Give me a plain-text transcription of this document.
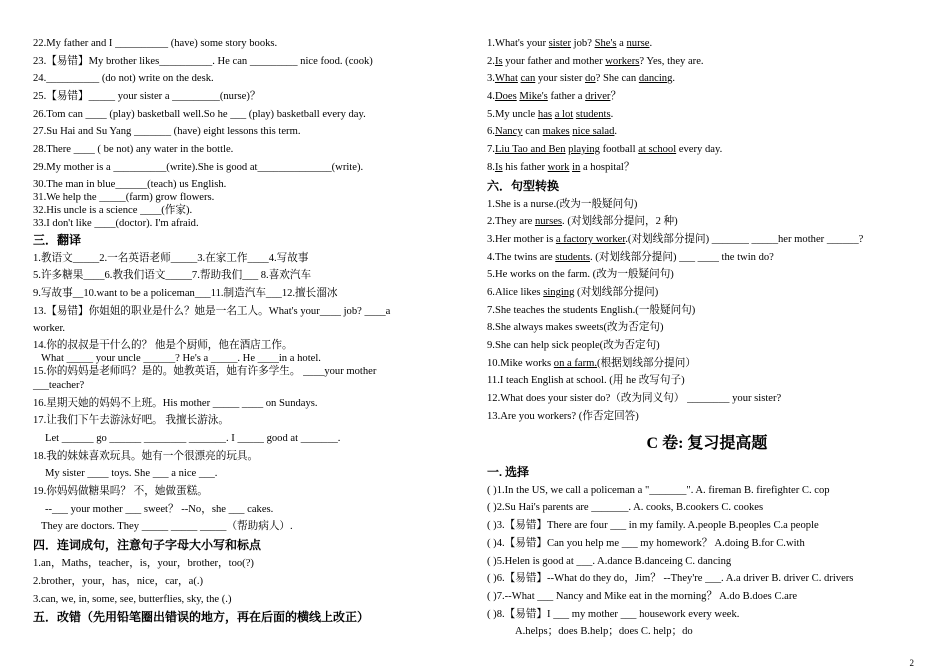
22.My father and I __________ (have) some story books.
23.【易错】My brother likes__________. He can _________ nice food. (cook)
24.__________ (do not) write on the desk.
25.【易错】_____ your sister a _________(nurse)？
26.Tom can ____ (play) basketball well.So he ___ (play) basketball every day.
27.Su Hai and Su Yang _______ (have) eight lessons this term.
28.There ____ ( be not) any water in the bottle.
29.My mother is a __________(write).She is good at______________(write).
30.The man in blue______(teach) us English.
31.We help the _____(farm) grow flowers.
32.His uncle is a science ____(作家).
33.I don't like ____(doctor). I'm afraid.
三．翻译
1.教语文_____2.一名英语老师_____3.在家工作____4.写故事
5.许多糖果____6.教我们语文_____7.帮助我们___ 8.喜欢汽车
9.写故事__10.want to be a policeman___11.制造汽车___12.擅长溜冰
13.【易错】你姐姐的职业是什么？她是一名工人。What's your____ job? ____a
worker.
14.你的叔叔是干什么的？ 他是个厨师，他在酒店工作。
What _____ your uncle ______? He's a _____. He ____in a hotel.
15.你的妈妈是老师吗？是的。她教英语，她有许多学生。 ____your mother
___teacher?
16.星期天她的妈妈不上班。His mother _____ ____ on Sundays.
17.让我们下午去游泳好吧。 我擅长游泳。
Let ______ go ______ ________ _______. I _____ good at _______.
18.我的妹妹喜欢玩具。她有一个很漂亮的玩具。
My sister ____ toys. She ___ a nice ___.
19.你妈妈做糖果吗？ 不，她做蛋糕。
--___ your mother ___ sweet？ --No，she ___ cakes.
They are doctors. They _____ _____ _____（帮助病人）.
四．连词成句，注意句子字母大小写和标点
1.an，Maths，teacher，is，your，brother，too(?)
2.brother，your，has，nice，car，a(.)
3.can, we, in, some, see, butterflies, sky, the (.)
五．改错（先用铅笔圈出错误的地方，再在后面的横线上改正）
1.What's your sister job? She's a nurse.
2.Is your father and mother workers? Yes, they are.
3.What can your sister do? She can dancing.
4.Does Mike's father a driver？
5.My uncle has a lot students.
6.Nancy can makes nice salad.
7.Liu Tao and Ben playing football at school every day.
8.Is his father work in a hospital？
六．句型转换
1.She is a nurse.(改为一般疑问句)
2.They are nurses. (对划线部分提问，2 种)
3.Her mother is a factory worker.(对划线部分提问) _______ _____her mother ______?
4.The twins are students. (对划线部分提问) ___ ____ the twin do?
5.He works on the farm. (改为一般疑问句)
6.Alice likes singing (对划线部分提问)
7.She teaches the students English.(一般疑问句)
8.She always makes sweets(改为否定句)
9.She can help sick people(改为否定句)
10.Mike works on a farm.(根据划线部分提问）
11.I teach English at school. (用 he 改写句子)
12.What does your sister do?（改为同义句） ________ your sister?
13.Are you workers? (作否定回答)
C 卷: 复习提高题
一. 选择
( )1.In the US, we call a policeman a "_______". A. fireman B. firefighter C. cop
( )2.Su Hai's parents are _______. A. cooks, B.cookers C. cookes
( )3.【易错】There are four ___ in my family. A.people B.peoples C.a people
( )4.【易错】Can you help me ___ my homework？ A.doing B.for C.with
( )5.Helen is good at ___. A.dance B.danceing C. dancing
( )6.【易错】--What do they do，Jim？ --They're ___. A.a driver B. driver C. drivers
( )7.--What ___ Nancy and Mike eat in the morning？ A.do B.does C.are
( )8.【易错】I ___ my mother ___ housework every week.
A.helps；does B.help；does C. help；do
2
